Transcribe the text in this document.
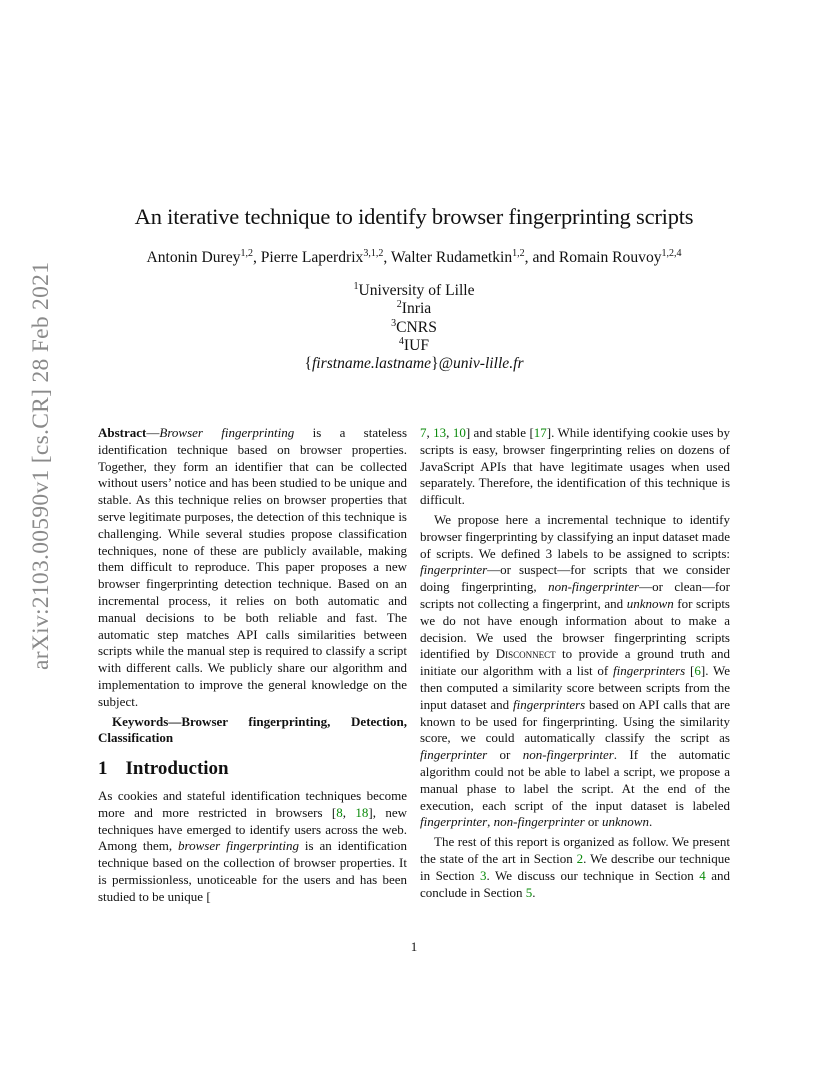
arXiv:2103.00590v1 [cs.CR] 28 Feb 2021
An iterative technique to identify browser fingerprinting scripts
Antonin Durey$^{1,2}$, Pierre Laperdrix$^{3,1,2}$, Walter Rudametkin$^{1,2}$, and Romain Rouvoy$^{1,2,4}$
$^1$University of Lille
$^2$Inria
$^3$CNRS
$^4$IUF
{firstname.lastname}@univ-lille.fr

Abstract—Browser fingerprinting is a stateless identification technique based on browser properties. Together, they form an identifier that can be collected without users’ notice and has been studied to be unique and stable. As this technique relies on browser properties that serve legitimate purposes, the detection of this technique is challenging. While several studies propose classification techniques, none of these are publicly available, making them difficult to reproduce. This paper proposes a new browser fingerprinting detection technique. Based on an incremental process, it relies on both automatic and manual decisions to be both reliable and fast. The automatic step matches API calls similarities between scripts while the manual step is required to classify a script with different calls. We publicly share our algorithm and implementation to improve the general knowledge on the subject.

Keywords—Browser fingerprinting, Detection, Classification

1 Introduction

As cookies and stateful identification techniques become more and more restricted in browsers [8, 18], new techniques have emerged to identify users across the web. Among them, browser fingerprinting is an identification technique based on the collection of browser properties. It is permissionless, unoticeable for the users and has been studied to be unique [

7, 13, 10] and stable [17]. While identifying cookie uses by scripts is easy, browser fingerprinting relies on dozens of JavaScript APIs that have legitimate usages when used separately. Therefore, the identification of this technique is difficult.

We propose here a incremental technique to identify browser fingerprinting by classifying an input dataset made of scripts. We defined 3 labels to be assigned to scripts: fingerprinter—or suspect—for scripts that we consider doing fingerprinting, non-fingerprinter—or clean—for scripts not collecting a fingerprint, and unknown for scripts we do not have enough information about to make a decision. We used the browser fingerprinting scripts identified by Disconnect to provide a ground truth and initiate our algorithm with a list of fingerprinters [6]. We then computed a similarity score between scripts from the input dataset and fingerprinters based on API calls that are known to be used for fingerprinting. Using the similarity score, we could automatically classify the script as fingerprinter or non-fingerprinter. If the automatic algorithm could not be able to label a script, we propose a manual phase to label the script. At the end of the execution, each script of the input dataset is labeled fingerprinter, non-fingerprinter or unknown.

The rest of this report is organized as follow. We present the state of the art in Section 2. We describe our technique in Section 3. We discuss our technique in Section 4 and conclude in Section 5.

1
